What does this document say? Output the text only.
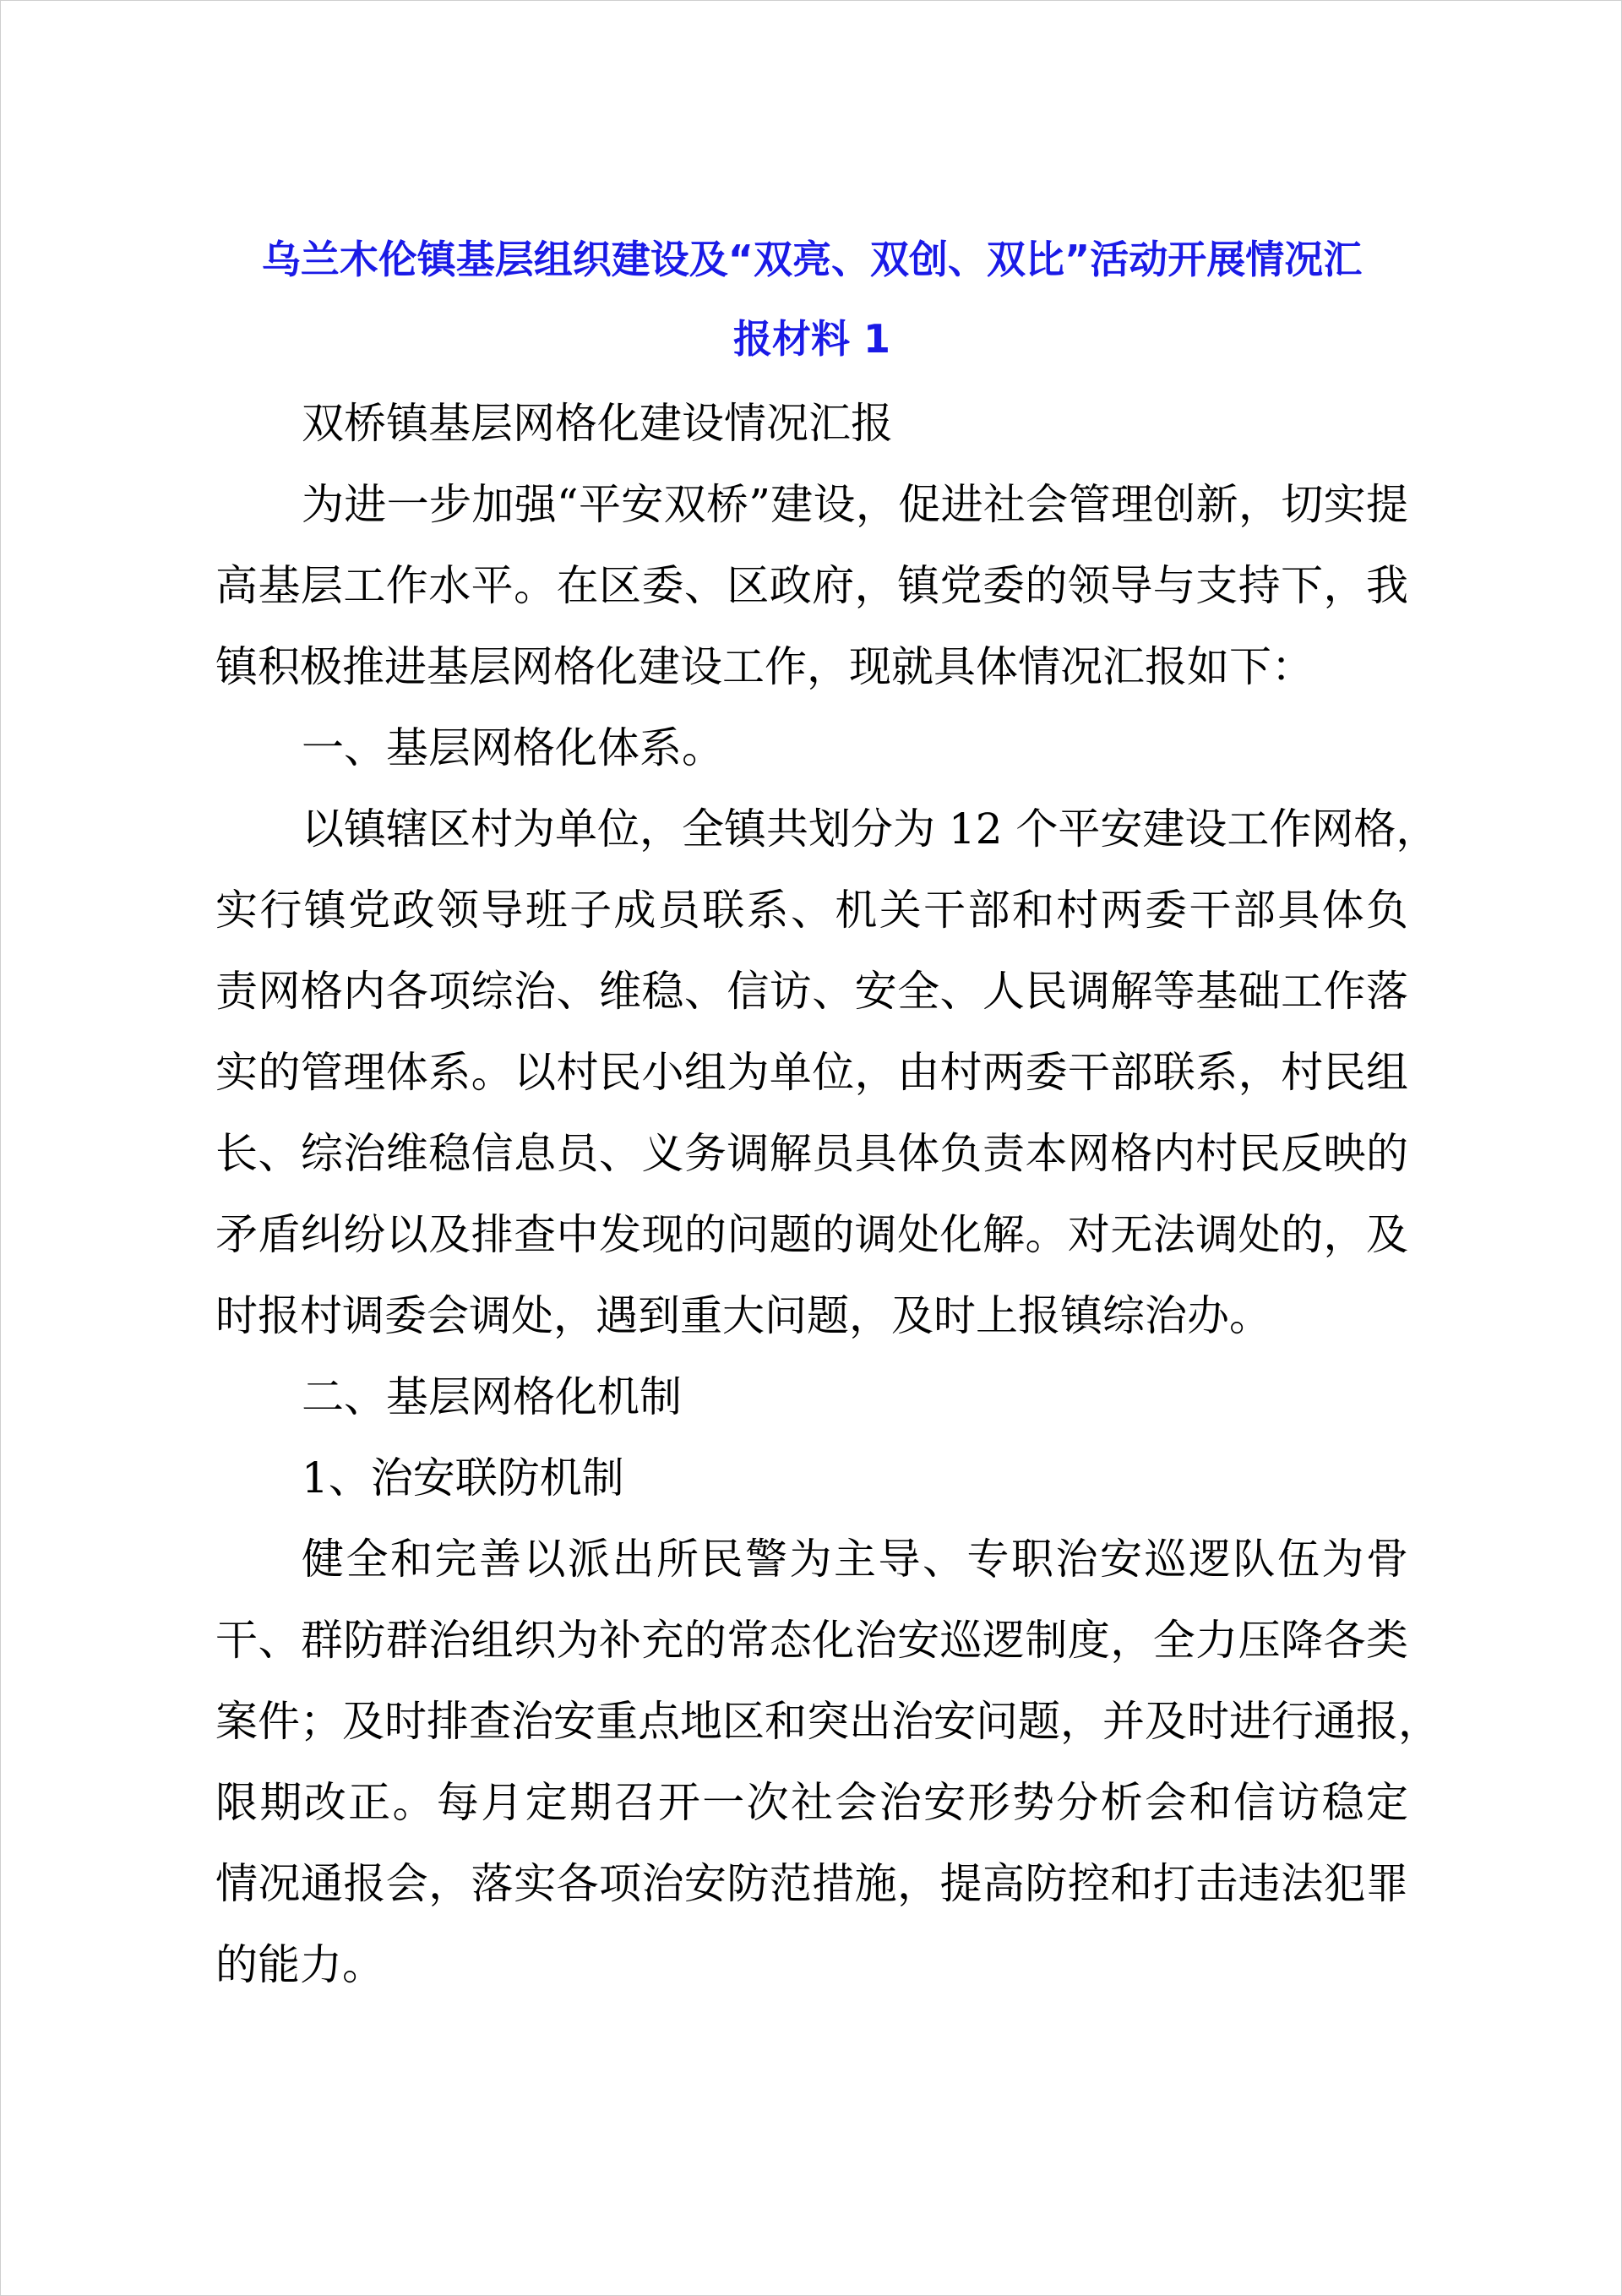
乌兰木伦镇基层组织建设及“双亮、双创、双比”活动开展情况汇

报材料 1

双桥镇基层网格化建设情况汇报

为进一步加强“平安双桥”建设，促进社会管理创新，切实提

高基层工作水平。在区委、区政府，镇党委的领导与支持下，我

镇积极推进基层网格化建设工作，现就具体情况汇报如下：

一、基层网格化体系。

以镇辖区村为单位，全镇共划分为 12 个平安建设工作网格，

实行镇党政领导班子成员联系、机关干部和村两委干部具体负

责网格内各项综治、维稳、信访、安全、人民调解等基础工作落

实的管理体系。以村民小组为单位，由村两委干部联系，村民组

长、综治维稳信息员、义务调解员具体负责本网格内村民反映的

矛盾纠纷以及排查中发现的问题的调处化解。对无法调处的，及

时报村调委会调处，遇到重大问题，及时上报镇综治办。

二、基层网格化机制

1、治安联防机制

健全和完善以派出所民警为主导、专职治安巡逻队伍为骨

干、群防群治组织为补充的常态化治安巡逻制度，全力压降各类

案件；及时排查治安重点地区和突出治安问题，并及时进行通报，

限期改正。每月定期召开一次社会治安形势分析会和信访稳定

情况通报会，落实各项治安防范措施，提高防控和打击违法犯罪

的能力。
